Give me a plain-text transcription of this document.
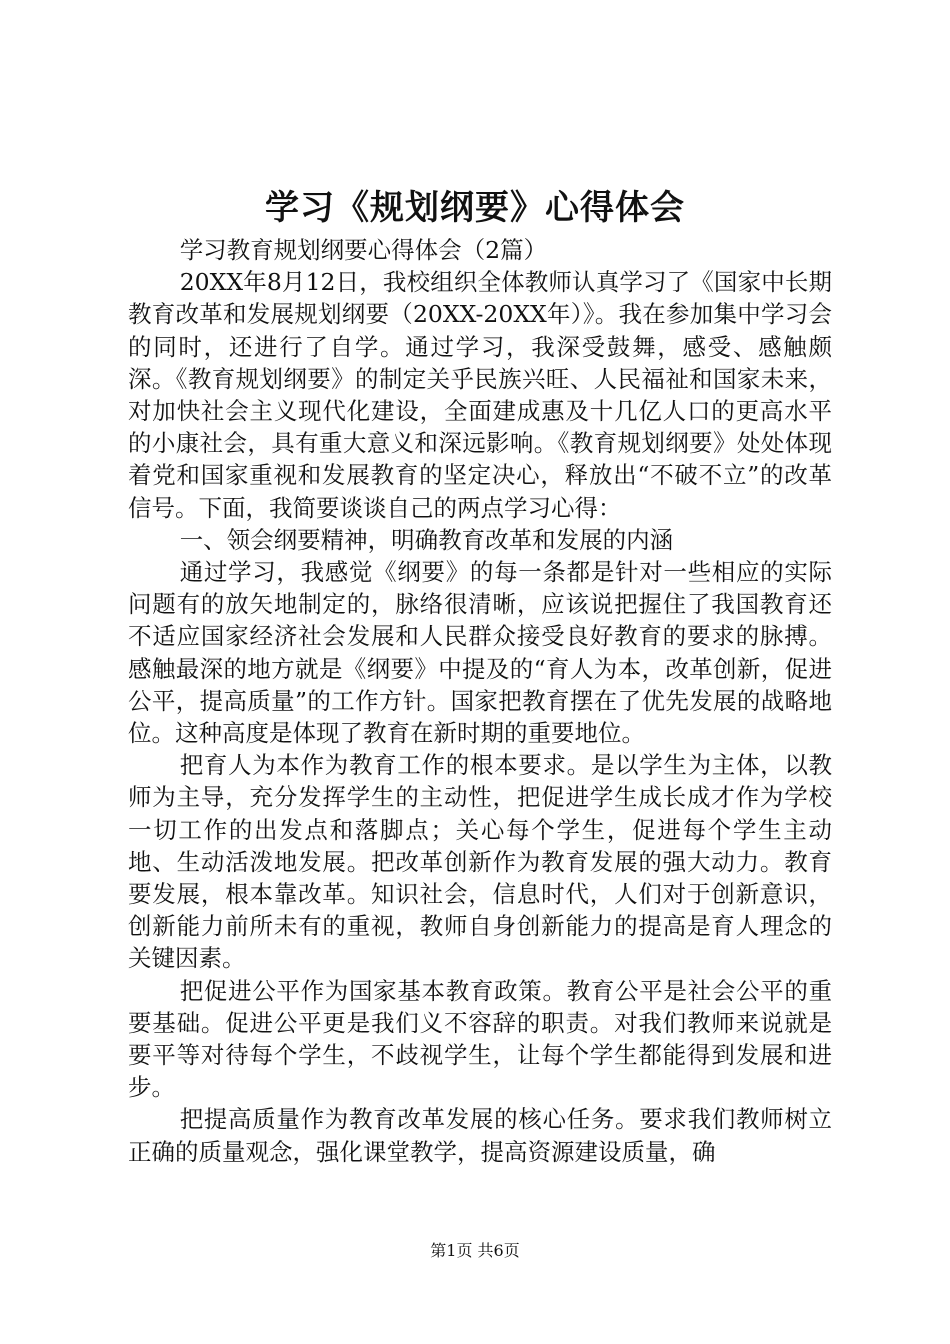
学习《规划纲要》心得体会

学习教育规划纲要心得体会（2篇）

20XX年8月12日，我校组织全体教师认真学习了《国家中长期教育改革和发展规划纲要（20XX-20XX年）》。我在参加集中学习会的同时，还进行了自学。通过学习，我深受鼓舞，感受、感触颇深。《教育规划纲要》的制定关乎民族兴旺、人民福祉和国家未来，对加快社会主义现代化建设，全面建成惠及十几亿人口的更高水平的小康社会，具有重大意义和深远影响。《教育规划纲要》处处体现着党和国家重视和发展教育的坚定决心，释放出“不破不立”的改革信号。下面，我简要谈谈自己的两点学习心得：

一、领会纲要精神，明确教育改革和发展的内涵

通过学习，我感觉《纲要》的每一条都是针对一些相应的实际问题有的放矢地制定的，脉络很清晰，应该说把握住了我国教育还不适应国家经济社会发展和人民群众接受良好教育的要求的脉搏。感触最深的地方就是《纲要》中提及的“育人为本，改革创新，促进公平，提高质量”的工作方针。国家把教育摆在了优先发展的战略地位。这种高度是体现了教育在新时期的重要地位。

把育人为本作为教育工作的根本要求。是以学生为主体，以教师为主导，充分发挥学生的主动性，把促进学生成长成才作为学校一切工作的出发点和落脚点；关心每个学生，促进每个学生主动地、生动活泼地发展。把改革创新作为教育发展的强大动力。教育要发展，根本靠改革。知识社会，信息时代，人们对于创新意识，创新能力前所未有的重视，教师自身创新能力的提高是育人理念的关键因素。

把促进公平作为国家基本教育政策。教育公平是社会公平的重要基础。促进公平更是我们义不容辞的职责。对我们教师来说就是要平等对待每个学生，不歧视学生，让每个学生都能得到发展和进步。

把提高质量作为教育改革发展的核心任务。要求我们教师树立正确的质量观念，强化课堂教学，提高资源建设质量，确

第1页 共6页
